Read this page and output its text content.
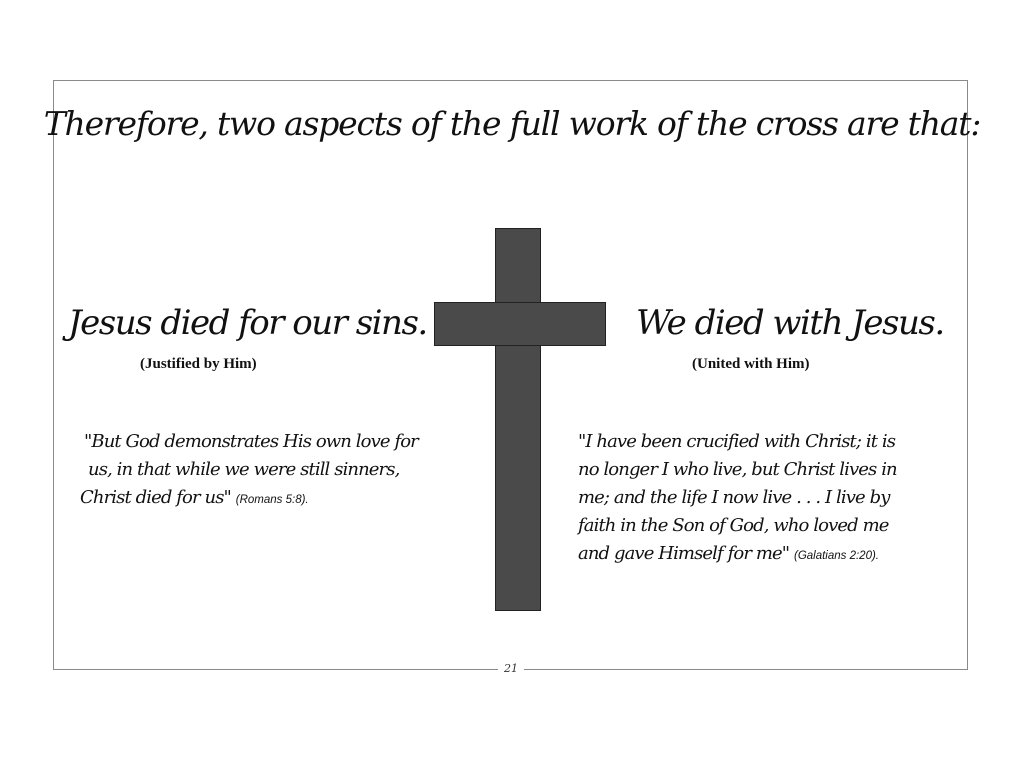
Therefore, two aspects of the full work of the cross are that:
Jesus died for our sins.
(Justified by Him)
We died with Jesus.
(United with Him)
"But God demonstrates His own love for
us, in that while we were still sinners,
Christ died for us" (Romans 5:8).
"I have been crucified with Christ; it is
no longer I who live, but Christ lives in
me; and the life I now live . . . I live by
faith in the Son of God, who loved me
and gave Himself for me" (Galatians 2:20).
21
